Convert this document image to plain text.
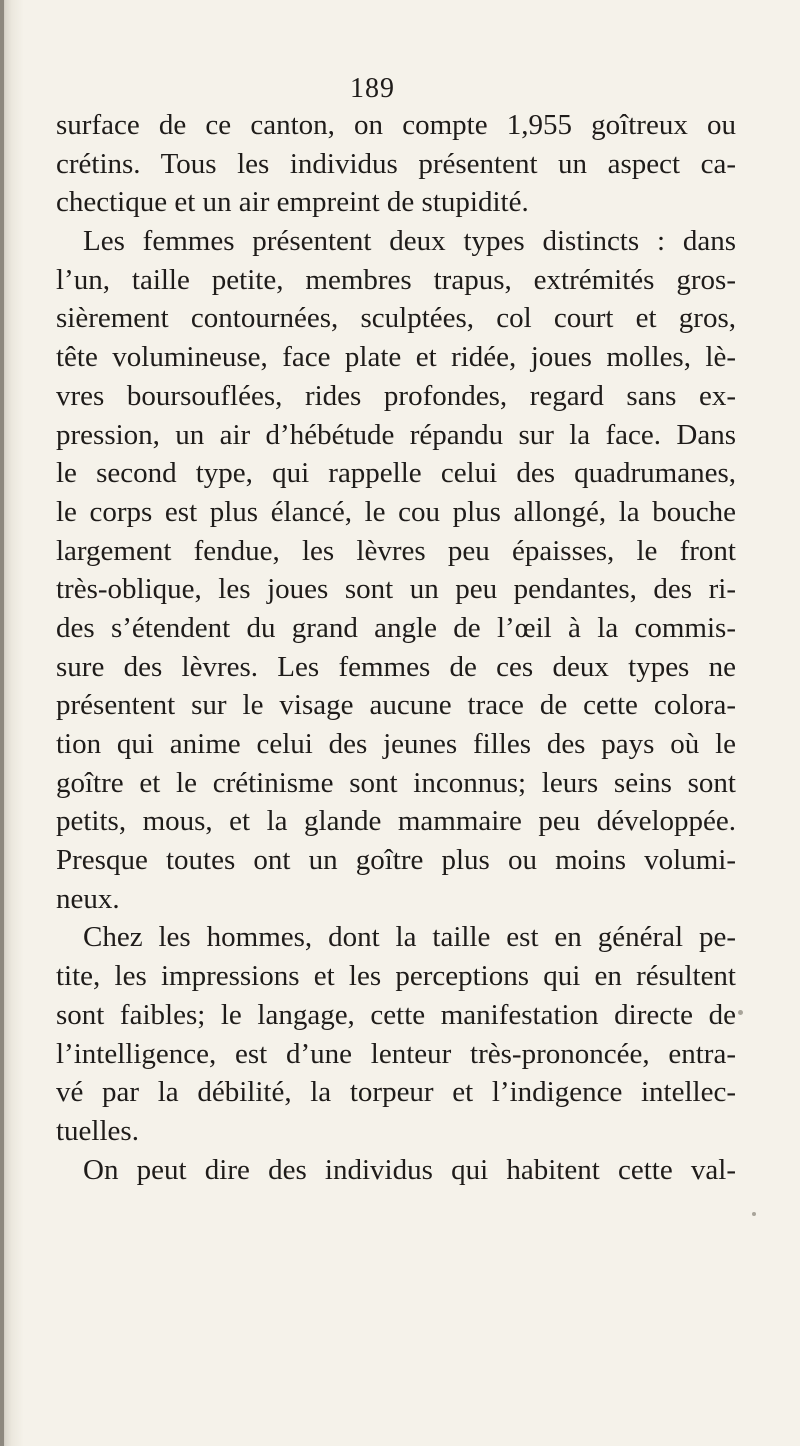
189
surface de ce canton, on compte 1,955 goîtreux ou
crétins. Tous les individus présentent un aspect ca-
chectique et un air empreint de stupidité.
Les femmes présentent deux types distincts : dans
l’un, taille petite, membres trapus, extrémités gros-
sièrement contournées, sculptées, col court et gros,
tête volumineuse, face plate et ridée, joues molles, lè-
vres boursouflées, rides profondes, regard sans ex-
pression, un air d’hébétude répandu sur la face. Dans
le second type, qui rappelle celui des quadrumanes,
le corps est plus élancé, le cou plus allongé, la bouche
largement fendue, les lèvres peu épaisses, le front
très-oblique, les joues sont un peu pendantes, des ri-
des s’étendent du grand angle de l’œil à la commis-
sure des lèvres. Les femmes de ces deux types ne
présentent sur le visage aucune trace de cette colora-
tion qui anime celui des jeunes filles des pays où le
goître et le crétinisme sont inconnus; leurs seins sont
petits, mous, et la glande mammaire peu développée.
Presque toutes ont un goître plus ou moins volumi-
neux.
Chez les hommes, dont la taille est en général pe-
tite, les impressions et les perceptions qui en résultent
sont faibles; le langage, cette manifestation directe de
l’intelligence, est d’une lenteur très-prononcée, entra-
vé par la débilité, la torpeur et l’indigence intellec-
tuelles.
On peut dire des individus qui habitent cette val-
